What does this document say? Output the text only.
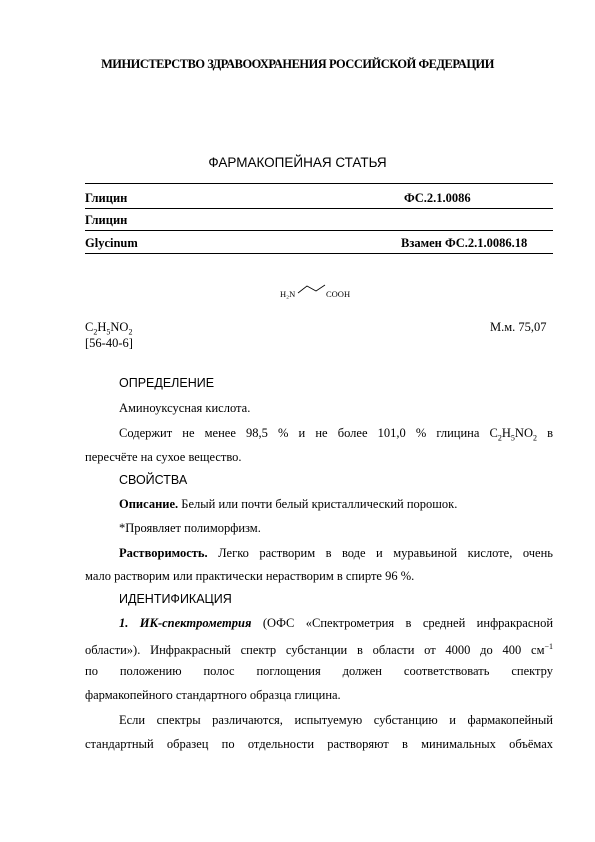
МИНИСТЕРСТВО ЗДРАВООХРАНЕНИЯ РОССИЙСКОЙ ФЕДЕРАЦИИ
ФАРМАКОПЕЙНАЯ СТАТЬЯ
Глицин	ФС.2.1.0086
Глицин
Glycinum	Взамен ФС.2.1.0086.18
H₂N	COOH
$C_2H_5NO_2$	М.м. 75,07
[56-40-6]
ОПРЕДЕЛЕНИЕ
Аминоуксусная кислота.
Содержит не менее 98,5 % и не более 101,0 % глицина $C_2H_5NO_2$ в
пересчёте на сухое вещество.
СВОЙСТВА
Описание. Белый или почти белый кристаллический порошок.
*Проявляет полиморфизм.
Растворимость. Легко растворим в воде и муравьиной кислоте, очень
мало растворим или практически нерастворим в спирте 96 %.
ИДЕНТИФИКАЦИЯ
1. ИК-спектрометрия (ОФС «Спектрометрия в средней инфракрасной
области»). Инфракрасный спектр субстанции в области от 4000 до 400 $см^{-1}$
по положению полос поглощения должен соответствовать спектру
фармакопейного стандартного образца глицина.
Если спектры различаются, испытуемую субстанцию и фармакопейный
стандартный образец по отдельности растворяют в минимальных объёмах
